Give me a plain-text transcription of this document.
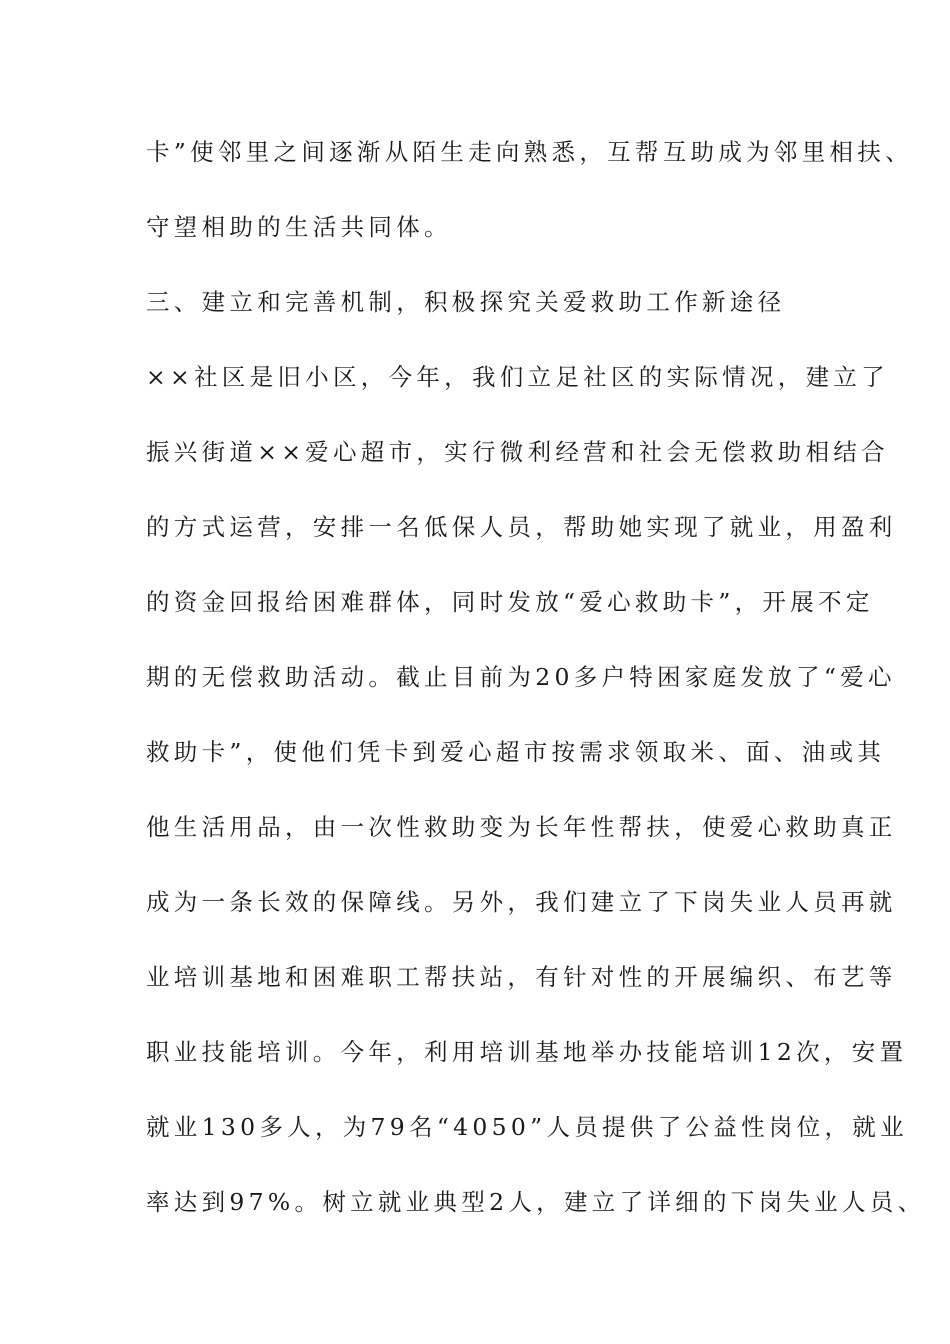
卡”使邻里之间逐渐从陌生走向熟悉，互帮互助成为邻里相扶、
守望相助的生活共同体。
三、建立和完善机制，积极探究关爱救助工作新途径
××社区是旧小区，今年，我们立足社区的实际情况，建立了
振兴街道××爱心超市，实行微利经营和社会无偿救助相结合
的方式运营，安排一名低保人员，帮助她实现了就业，用盈利
的资金回报给困难群体，同时发放“爱心救助卡”，开展不定
期的无偿救助活动。截止目前为20多户特困家庭发放了“爱心
救助卡”，使他们凭卡到爱心超市按需求领取米、面、油或其
他生活用品，由一次性救助变为长年性帮扶，使爱心救助真正
成为一条长效的保障线。另外，我们建立了下岗失业人员再就
业培训基地和困难职工帮扶站，有针对性的开展编织、布艺等
职业技能培训。今年，利用培训基地举办技能培训12次，安置
就业130多人，为79名“4050”人员提供了公益性岗位，就业
率达到97%。树立就业典型2人，建立了详细的下岗失业人员、
